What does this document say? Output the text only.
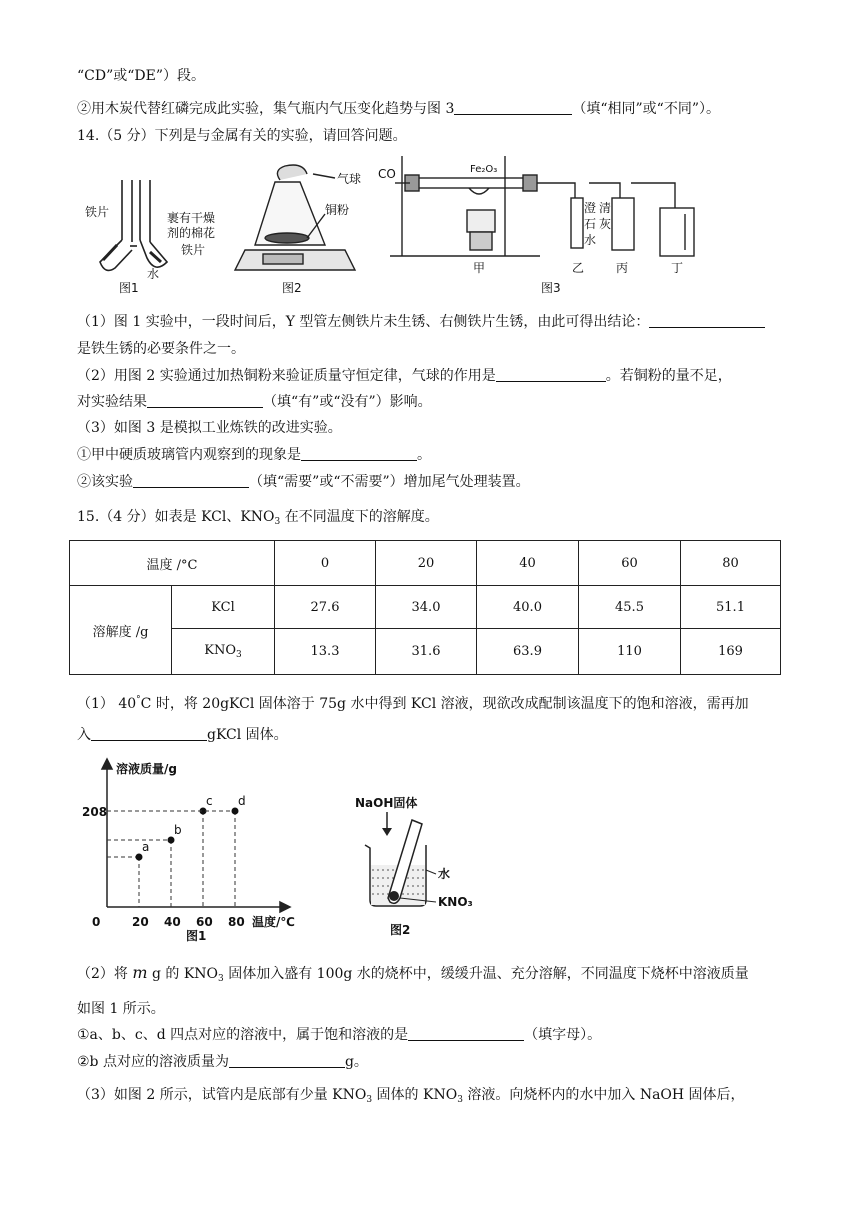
“CD”或“DE”）段。
②用木炭代替红磷完成此实验，集气瓶内气压变化趋势与图 3	（填“相同”或“不同”）。
14.（5 分）下列是与金属有关的实验，请回答问题。
铁片	裹有干燥
剂的棉花
铁片
水
图1
气球
铜粉
图2
CO	Fe₂O₃
澄 清
石 灰
水
甲	乙	丙	丁
图3
（1）图 1 实验中，一段时间后，Y 型管左侧铁片未生锈、右侧铁片生锈，由此可得出结论：
是铁生锈的必要条件之一。
（2）用图 2 实验通过加热铜粉来验证质量守恒定律，气球的作用是	。若铜粉的量不足，
对实验结果	（填“有”或“没有”）影响。
（3）如图 3 是模拟工业炼铁的改进实验。
①甲中硬质玻璃管内观察到的现象是	。
②该实验	（填“需要”或“不需要”）增加尾气处理装置。
15.（4 分）如表是 KCl、$KNO_3$ 在不同温度下的溶解度。
温度 /°C		0	20	40	60	80
溶解度 /g	KCl	27.6	34.0	40.0	45.5	51.1
	$KNO_3$	13.3	31.6	63.9	110	169
（1） 40°C 时，将 20gKCl 固体溶于 75g 水中得到 KCl 溶液，现欲改成配制该温度下的饱和溶液，需再加
入	gKCl 固体。
0	20 40 60 80
a
b
c d
溶液质量/g
温度/℃
208
图1
NaOH固体
水
KNO₃
图2
（2）将 m g 的 $KNO_3$ 固体加入盛有 100g 水的烧杯中，缓缓升温、充分溶解，不同温度下烧杯中溶液质量
如图 1 所示。
①a、b、c、d 四点对应的溶液中，属于饱和溶液的是	（填字母）。
②b 点对应的溶液质量为	g。
（3）如图 2 所示，试管内是底部有少量 $KNO_3$ 固体的 $KNO_3$ 溶液。向烧杯内的水中加入 NaOH 固体后，
